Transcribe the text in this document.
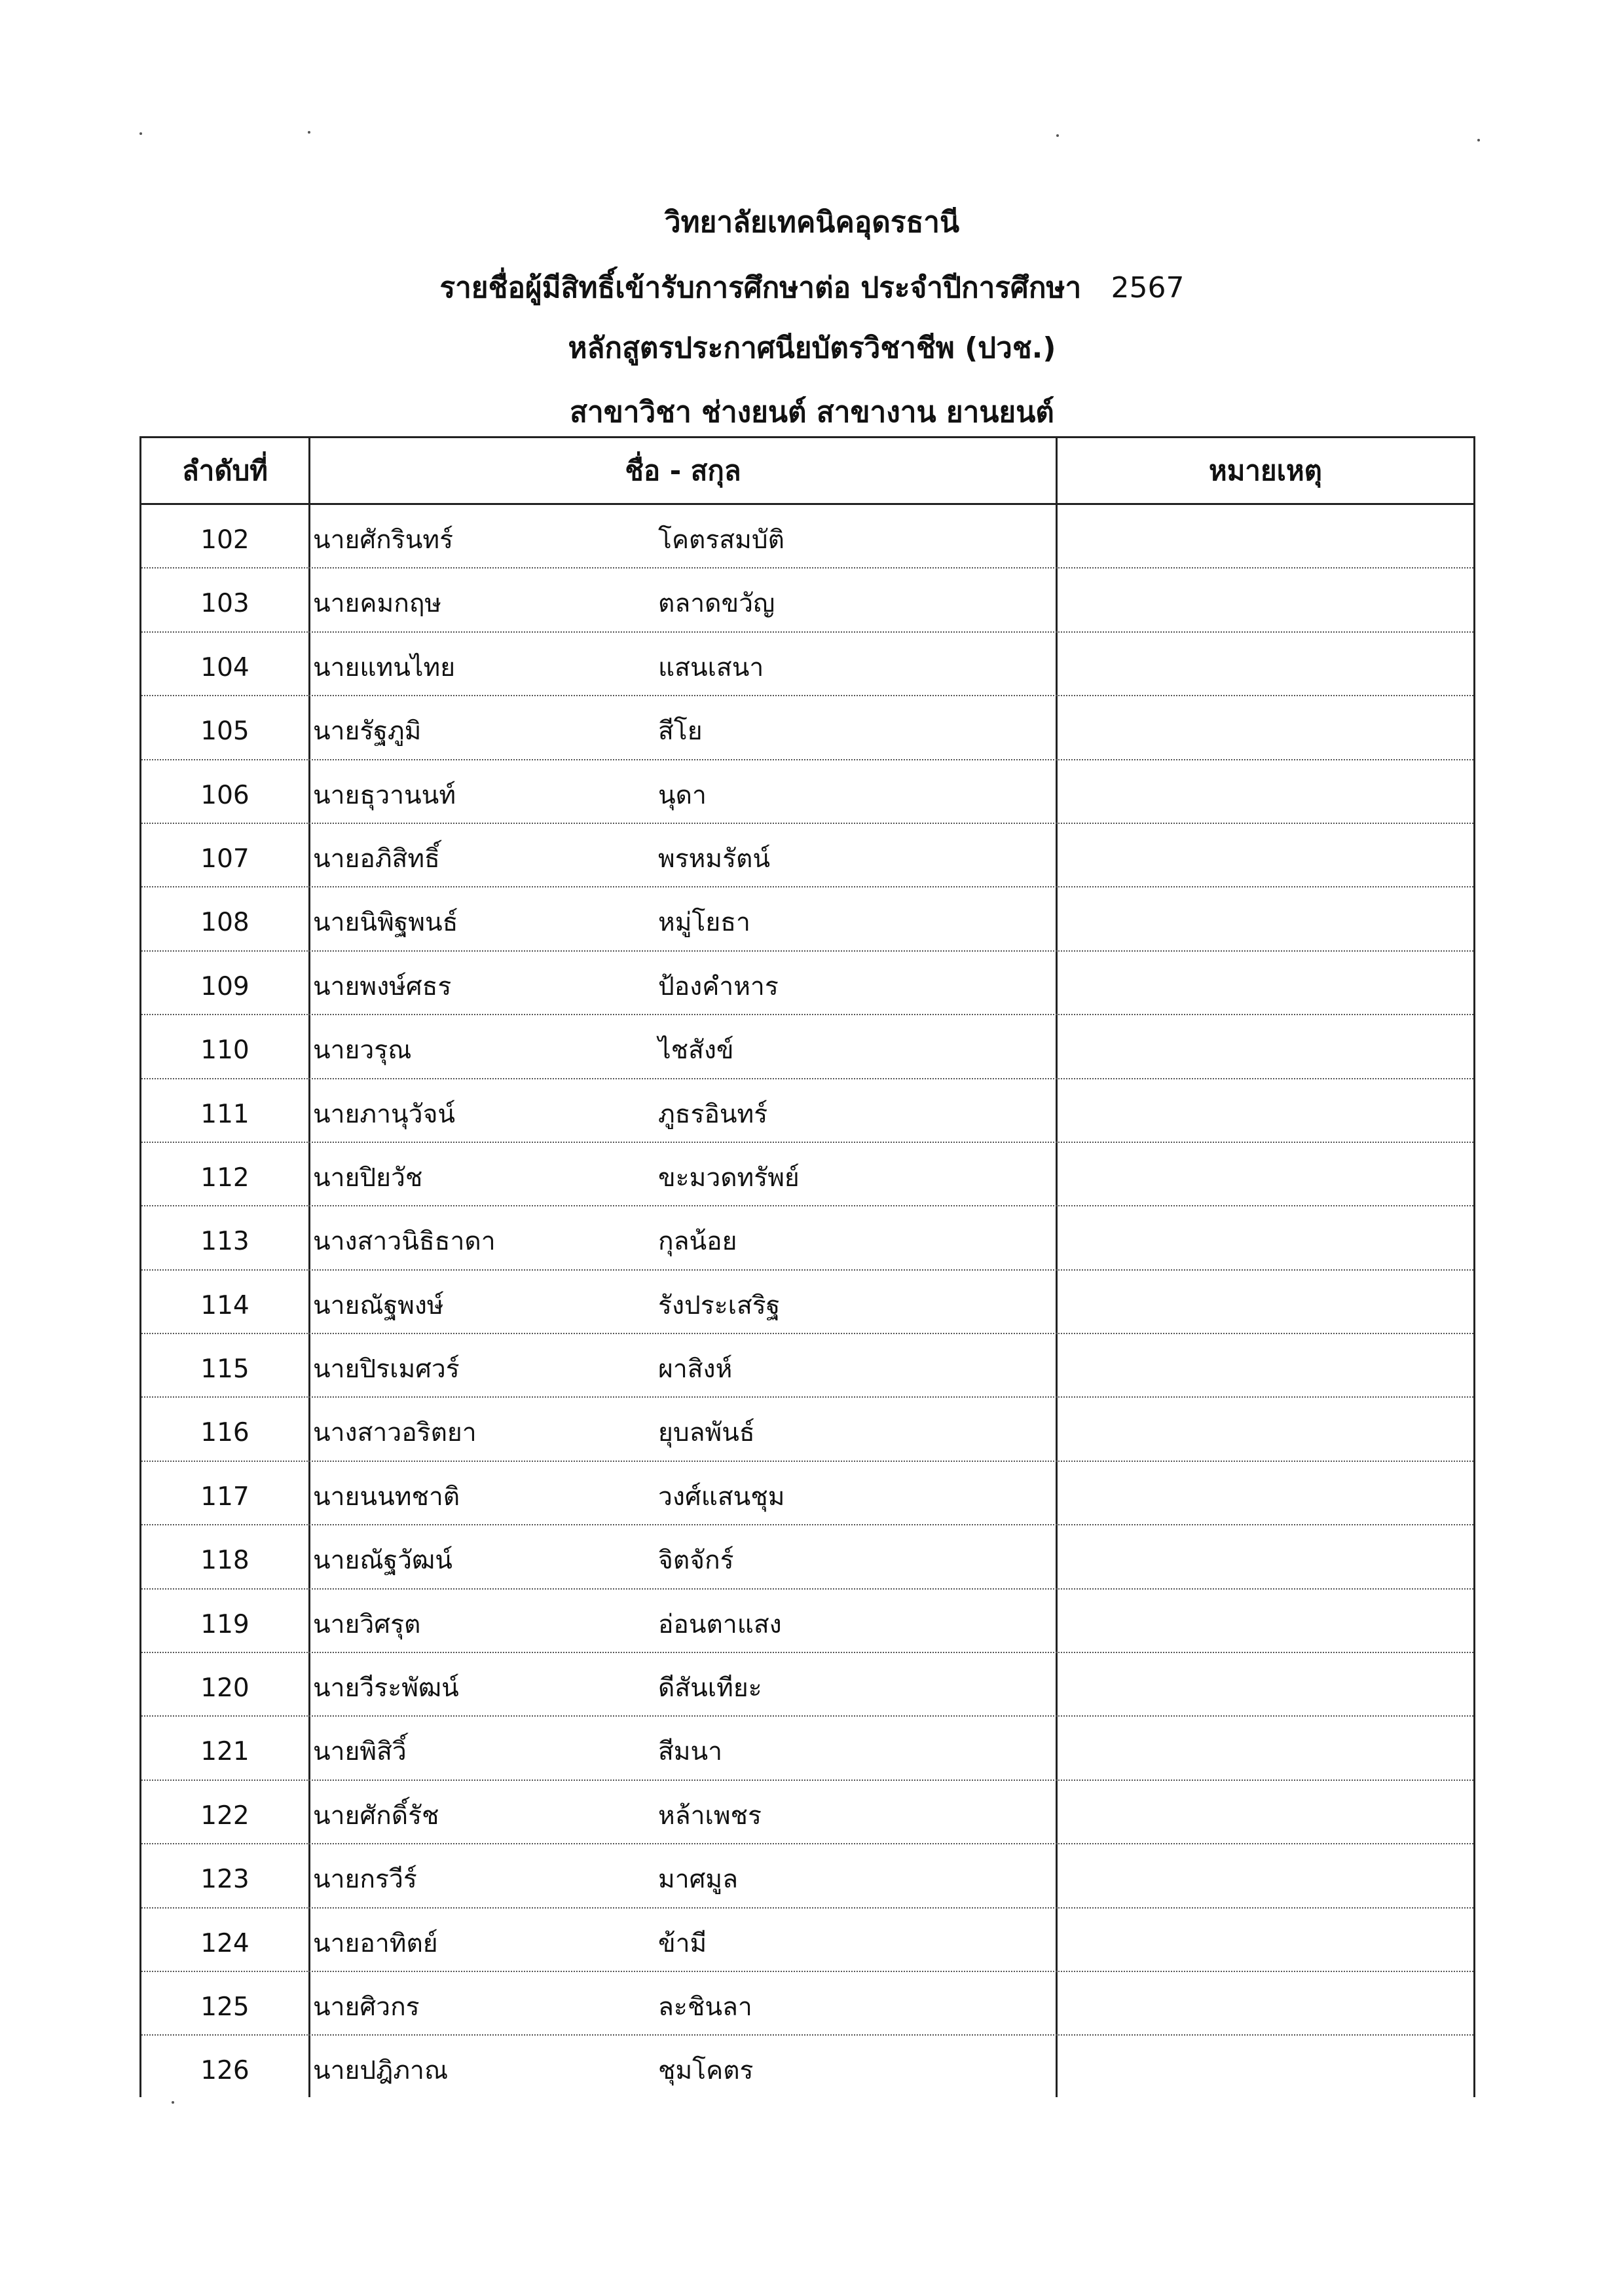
วิทยาลัยเทคนิคอุดรธานี
รายชื่อผู้มีสิทธิ์เข้ารับการศึกษาต่อ ประจำปีการศึกษา 2567
หลักสูตรประกาศนียบัตรวิชาชีพ (ปวช.)
สาขาวิชา ช่างยนต์ สาขางาน ยานยนต์
ลำดับที่	ชื่อ - สกุล	หมายเหตุ
102	นายศักรินทร์	โคตรสมบัติ
103	นายคมกฤษ	ตลาดขวัญ
104	นายแทนไทย	แสนเสนา
105	นายรัฐภูมิ	สีโย
106	นายธุวานนท์	นุดา
107	นายอภิสิทธิ์	พรหมรัตน์
108	นายนิพิฐพนธ์	หมู่โยธา
109	นายพงษ์ศธร	ป้องคำหาร
110	นายวรุณ	ไชสังข์
111	นายภานุวัจน์	ภูธรอินทร์
112	นายปิยวัช	ขะมวดทรัพย์
113	นางสาวนิธิธาดา	กุลน้อย
114	นายณัฐพงษ์	รังประเสริฐ
115	นายปิรเมศวร์	ผาสิงห์
116	นางสาวอริตยา	ยุบลพันธ์
117	นายนนทชาติ	วงศ์แสนชุม
118	นายณัฐวัฒน์	จิตจักร์
119	นายวิศรุต	อ่อนตาแสง
120	นายวีระพัฒน์	ดีสันเทียะ
121	นายพิสิวิ์	สีมนา
122	นายศักดิ์รัช	หล้าเพชร
123	นายกรวีร์	มาศมูล
124	นายอาทิตย์	ข้ามี
125	นายศิวกร	ละชินลา
126	นายปฎิภาณ	ชุมโคตร
